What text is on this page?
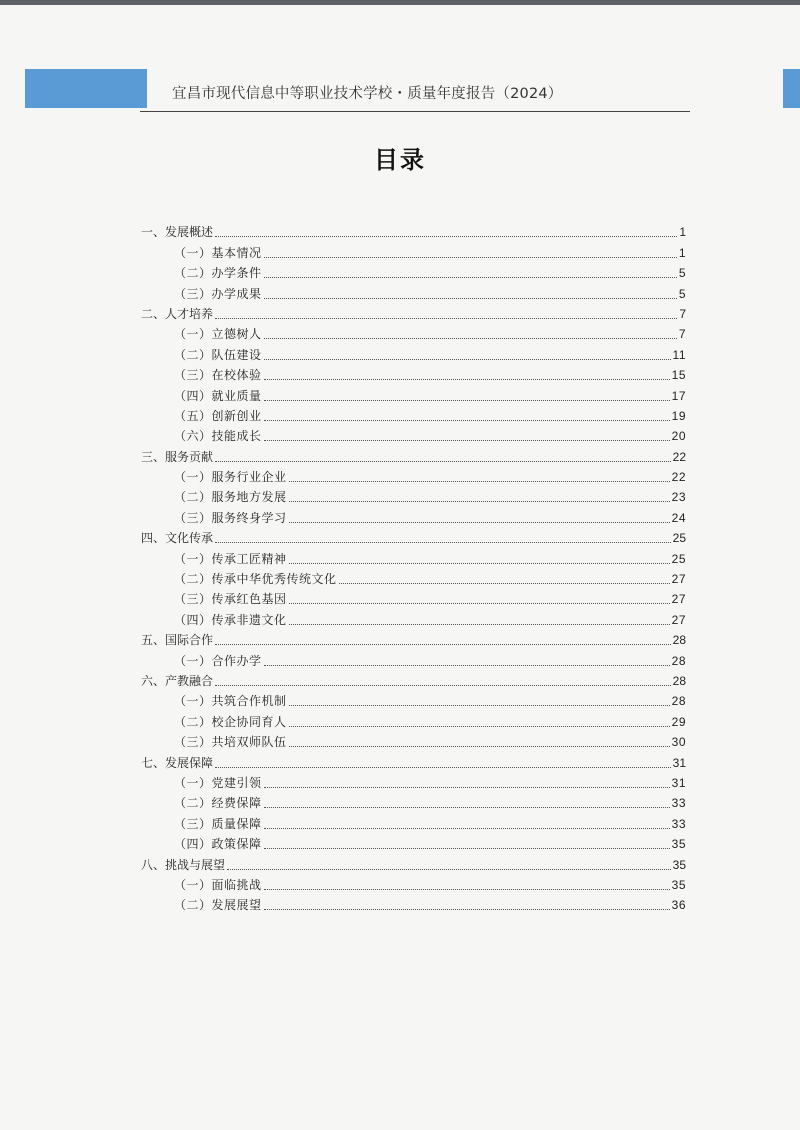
宜昌市现代信息中等职业技术学校・质量年度报告（2024）
目录
一、发展概述	1
（一）基本情况	1
（二）办学条件	5
（三）办学成果	5
二、人才培养	7
（一）立德树人	7
（二）队伍建设	11
（三）在校体验	15
（四）就业质量	17
（五）创新创业	19
（六）技能成长	20
三、服务贡献	22
（一）服务行业企业	22
（二）服务地方发展	23
（三）服务终身学习	24
四、文化传承	25
（一）传承工匠精神	25
（二）传承中华优秀传统文化	27
（三）传承红色基因	27
（四）传承非遗文化	27
五、国际合作	28
（一）合作办学	28
六、产教融合	28
（一）共筑合作机制	28
（二）校企协同育人	29
（三）共培双师队伍	30
七、发展保障	31
（一）党建引领	31
（二）经费保障	33
（三）质量保障	33
（四）政策保障	35
八、挑战与展望	35
（一）面临挑战	35
（二）发展展望	36
